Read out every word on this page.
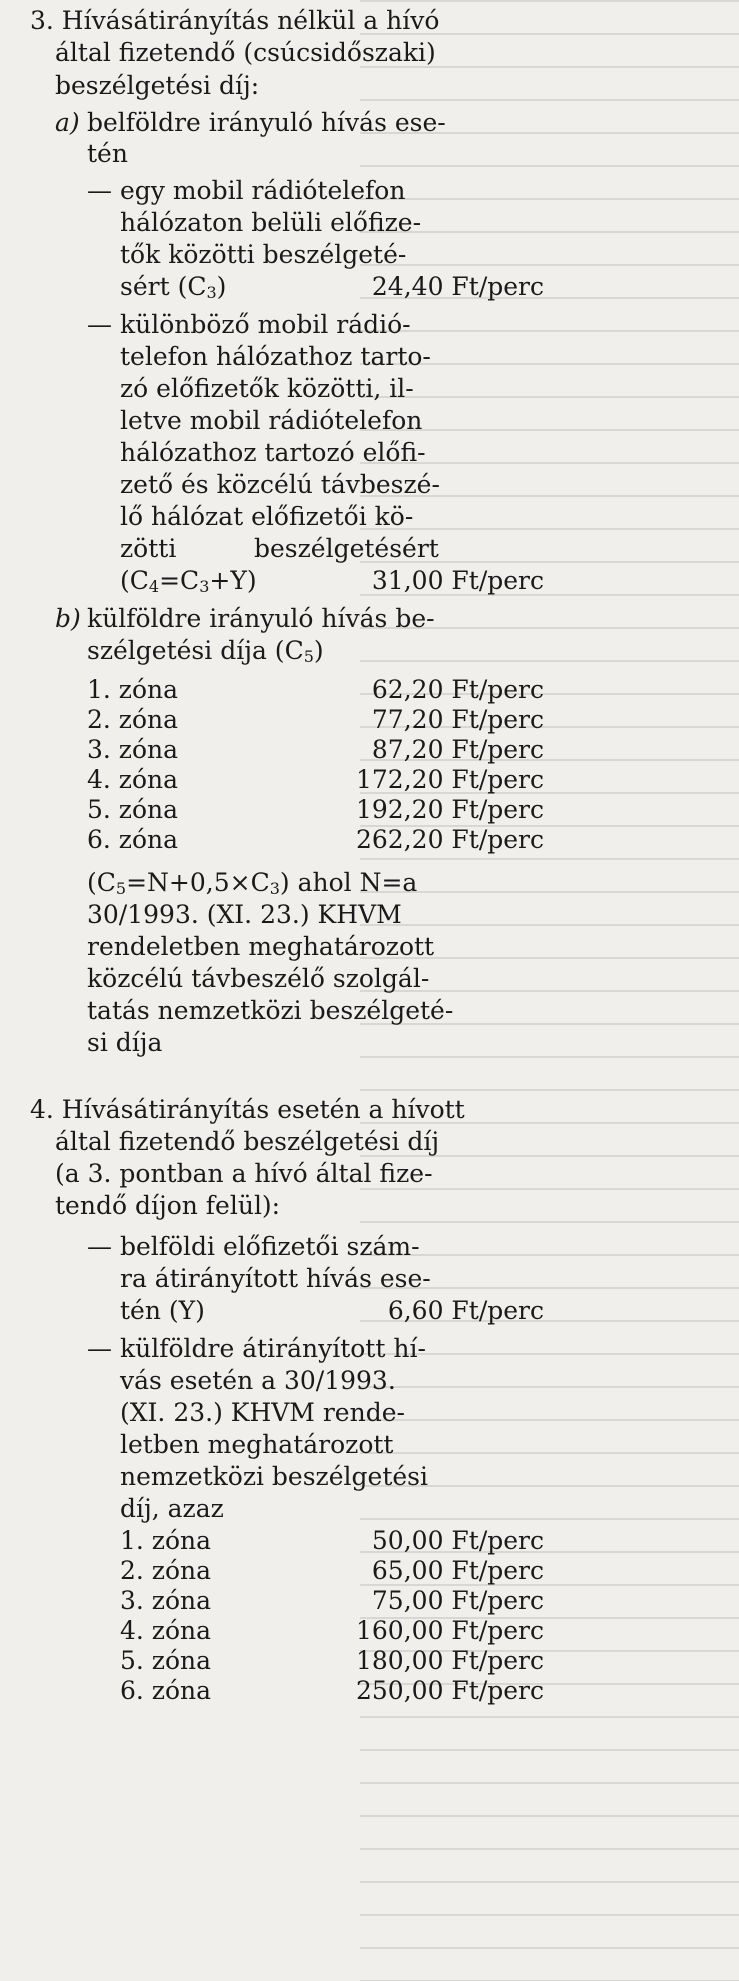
3. Hívásátirányítás nélkül a hívó
által fizetendő (csúcsidőszaki)
beszélgetési díj:
a) belföldre irányuló hívás ese-
tén
— egy mobil rádiótelefon
hálózaton belüli előfize-
tők közötti beszélgeté-
sért (C3)	24,40 Ft/perc
— különböző mobil rádió-
telefon hálózathoz tarto-
zó előfizetők közötti, il-
letve mobil rádiótelefon
hálózathoz tartozó előfi-
zető és közcélú távbeszé-
lő hálózat előfizetői kö-
zötti	beszélgetésért
(C4=C3+Y)	31,00 Ft/perc
b) külföldre irányuló hívás be-
szélgetési díja (C5)
1. zóna	62,20 Ft/perc
2. zóna	77,20 Ft/perc
3. zóna	87,20 Ft/perc
4. zóna	172,20 Ft/perc
5. zóna	192,20 Ft/perc
6. zóna	262,20 Ft/perc
(C5=N+0,5×C3) ahol N=a
30/1993. (XI. 23.) KHVM
rendeletben meghatározott
közcélú távbeszélő szolgál-
tatás nemzetközi beszélgeté-
si díja
4. Hívásátirányítás esetén a hívott
által fizetendő beszélgetési díj
(a 3. pontban a hívó által fize-
tendő díjon felül):
— belföldi előfizetői szám-
ra átirányított hívás ese-
tén (Y)	6,60 Ft/perc
— külföldre átirányított hí-
vás esetén a 30/1993.
(XI. 23.) KHVM rende-
letben meghatározott
nemzetközi beszélgetési
díj, azaz
1. zóna	50,00 Ft/perc
2. zóna	65,00 Ft/perc
3. zóna	75,00 Ft/perc
4. zóna	160,00 Ft/perc
5. zóna	180,00 Ft/perc
6. zóna	250,00 Ft/perc
